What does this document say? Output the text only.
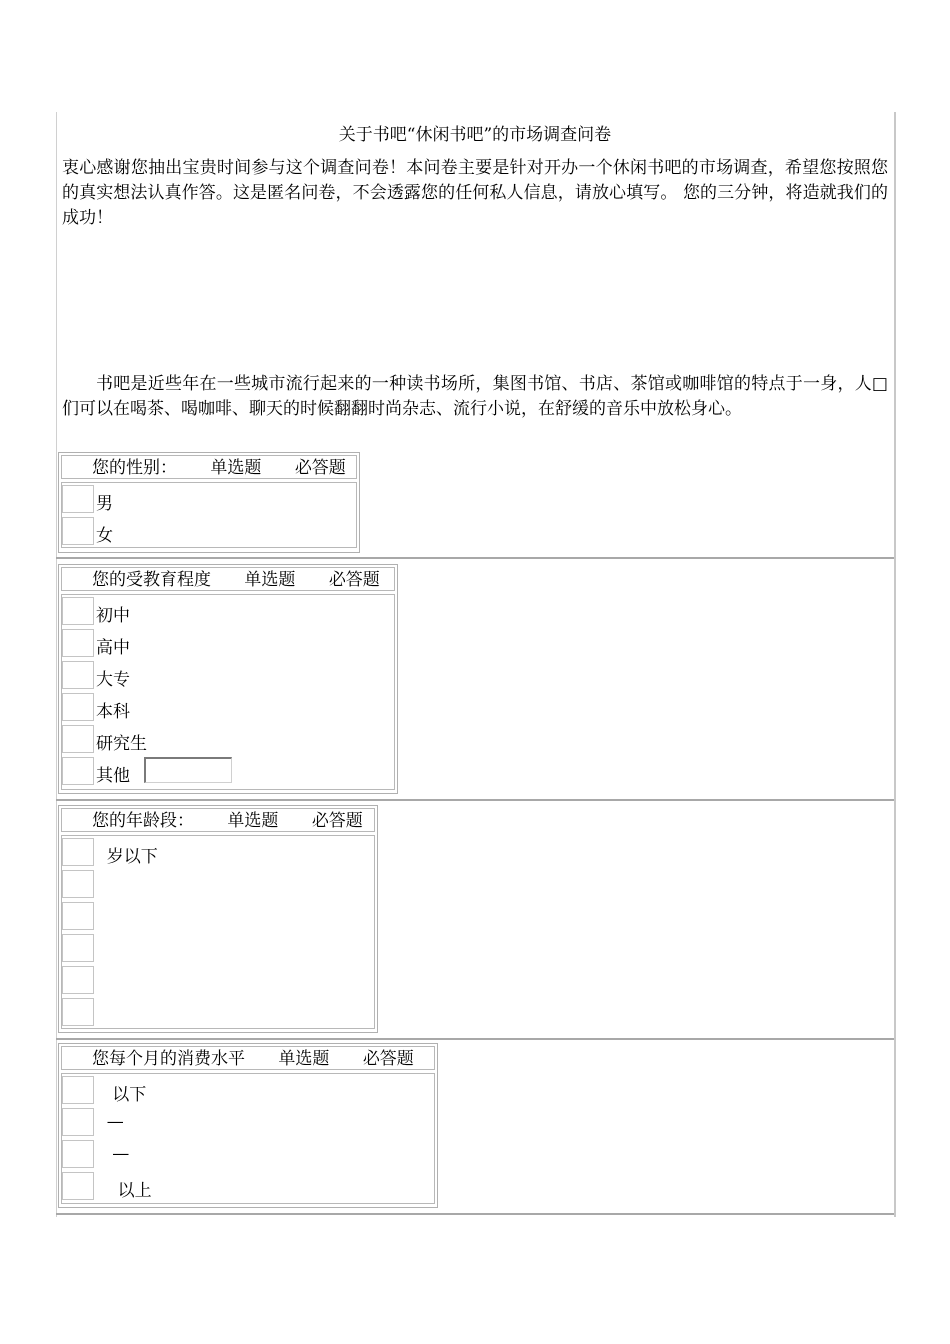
关于书吧“休闲书吧”的市场调查问卷
衷心感谢您抽出宝贵时间参与这个调查问卷！本问卷主要是针对开办一个休闲书吧的市场调查，希望您按照您的真实想法认真作答。这是匿名问卷，不会透露您的任何私人信息，请放心填写。 您的三分钟，将造就我们的成功！
书吧是近些年在一些城市流行起来的一种读书场所，集图书馆、书店、茶馆或咖啡馆的特点于一身，人□们可以在喝茶、喝咖啡、聊天的时候翻翻时尚杂志、流行小说，在舒缓的音乐中放松身心。
您的性别： 单选题 必答题
男
女
您的受教育程度 单选题 必答题
初中
高中
大专
本科
研究生
其他
您的年龄段： 单选题 必答题
岁以下
您每个月的消费水平 单选题 必答题
以下
—
—
以上
